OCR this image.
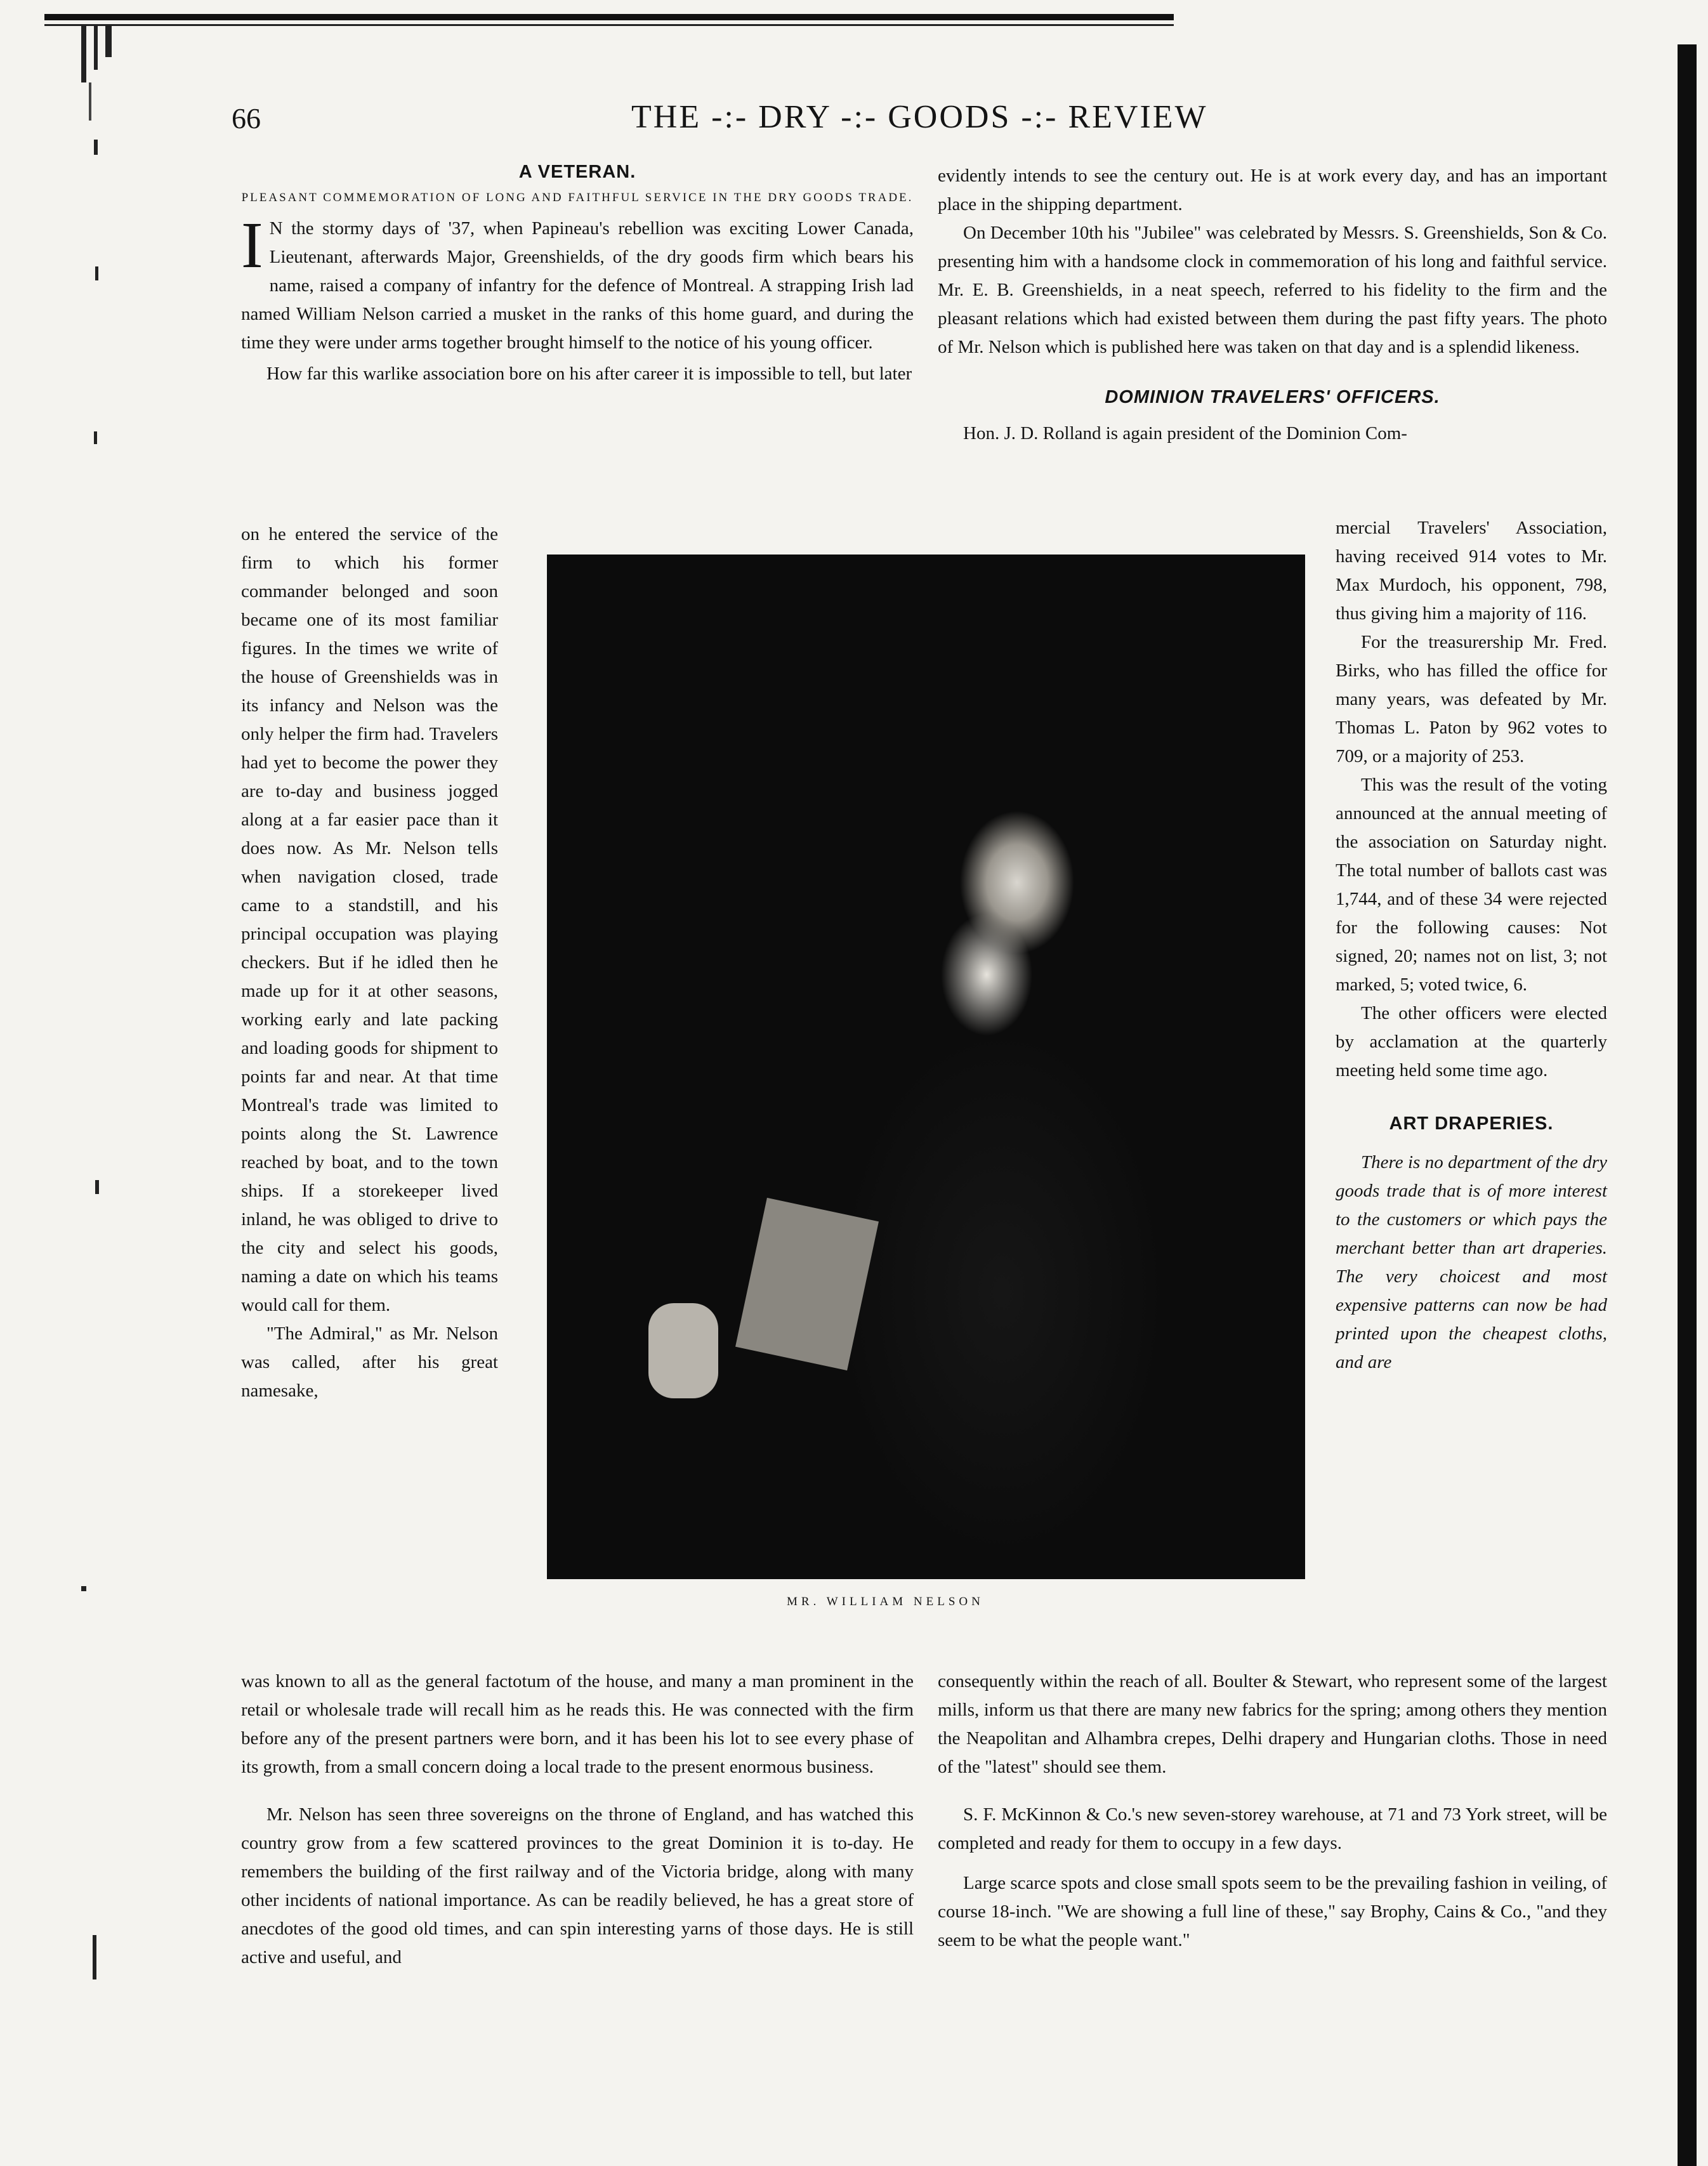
66	THE -:- DRY -:- GOODS -:- REVIEW
A VETERAN.
PLEASANT COMMEMORATION OF LONG AND FAITHFUL SERVICE IN THE DRY GOODS TRADE.

I N the stormy days of '37, when Papineau's rebellion was exciting Lower Canada, Lieutenant, afterwards Major, Greenshields, of the dry goods firm which bears his name, raised a company of infantry for the defence of Montreal. A strapping Irish lad named William Nelson carried a musket in the ranks of this home guard, and during the time they were under arms together brought himself to the notice of his young officer.

How far this warlike association bore on his after career it is impossible to tell, but later

on he entered the service of the firm to which his former commander belonged and soon became one of its most familiar figures. In the times we write of the house of Greenshields was in its infancy and Nelson was the only helper the firm had. Travelers had yet to become the power they are to-day and business jogged along at a far easier pace than it does now. As Mr. Nelson tells when navigation closed, trade came to a standstill, and his principal occupation was playing checkers. But if he idled then he made up for it at other seasons, working early and late packing and loading goods for shipment to points far and near. At that time Montreal's trade was limited to points along the St. Lawrence reached by boat, and to the town ships. If a storekeeper lived inland, he was obliged to drive to the city and select his goods, naming a date on which his teams would call for them.

"The Admiral," as Mr. Nelson was called, after his great namesake,

MR. WILLIAM NELSON

evidently intends to see the century out. He is at work every day, and has an important place in the shipping department.

On December 10th his "Jubilee" was celebrated by Messrs. S. Greenshields, Son & Co. presenting him with a handsome clock in commemoration of his long and faithful service. Mr. E. B. Greenshields, in a neat speech, referred to his fidelity to the firm and the pleasant relations which had existed between them during the past fifty years. The photo of Mr. Nelson which is published here was taken on that day and is a splendid likeness.

DOMINION TRAVELERS' OFFICERS.

Hon. J. D. Rolland is again president of the Dominion Com-

mercial Travelers' Association, having received 914 votes to Mr. Max Murdoch, his opponent, 798, thus giving him a majority of 116.

For the treasurership Mr. Fred. Birks, who has filled the office for many years, was defeated by Mr. Thomas L. Paton by 962 votes to 709, or a majority of 253.

This was the result of the voting announced at the annual meeting of the association on Saturday night. The total number of ballots cast was 1,744, and of these 34 were rejected for the following causes: Not signed, 20; names not on list, 3; not marked, 5; voted twice, 6.

The other officers were elected by acclamation at the quarterly meeting held some time ago.

ART DRAPERIES.

There is no department of the dry goods trade that is of more interest to the customers or which pays the merchant better than art draperies. The very choicest and most expensive patterns can now be had printed upon the cheapest cloths, and are

was known to all as the general factotum of the house, and many a man prominent in the retail or wholesale trade will recall him as he reads this. He was connected with the firm before any of the present partners were born, and it has been his lot to see every phase of its growth, from a small concern doing a local trade to the present enormous business.

Mr. Nelson has seen three sovereigns on the throne of England, and has watched this country grow from a few scattered provinces to the great Dominion it is to-day. He remembers the building of the first railway and of the Victoria bridge, along with many other incidents of national importance. As can be readily believed, he has a great store of anecdotes of the good old times, and can spin interesting yarns of those days. He is still active and useful, and

consequently within the reach of all. Boulter & Stewart, who represent some of the largest mills, inform us that there are many new fabrics for the spring; among others they mention the Neapolitan and Alhambra crepes, Delhi drapery and Hungarian cloths. Those in need of the "latest" should see them.

S. F. McKinnon & Co.'s new seven-storey warehouse, at 71 and 73 York street, will be completed and ready for them to occupy in a few days.

Large scarce spots and close small spots seem to be the prevailing fashion in veiling, of course 18-inch. "We are showing a full line of these," say Brophy, Cains & Co., "and they seem to be what the people want."
